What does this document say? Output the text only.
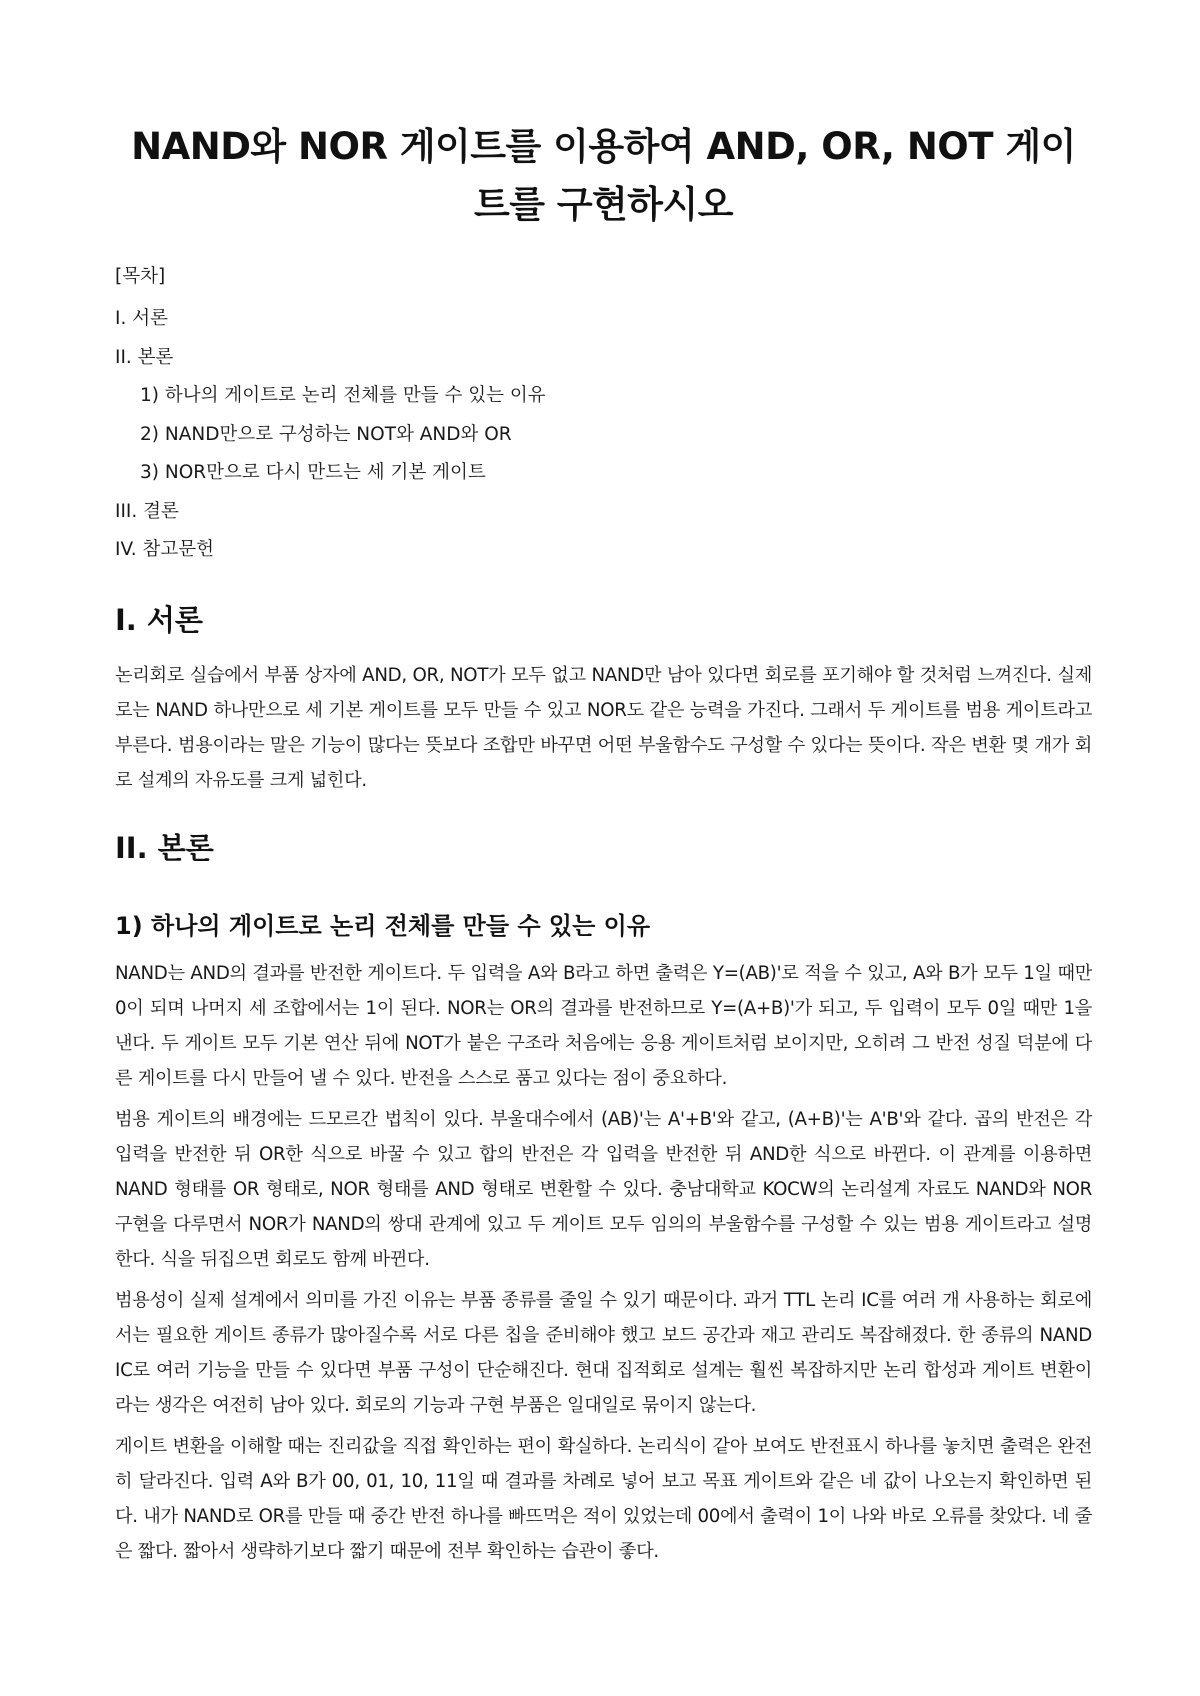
NAND와 NOR 게이트를 이용하여 AND, OR, NOT 게이트를 구현하시오
[목차]
I. 서론
II. 본론
1) 하나의 게이트로 논리 전체를 만들 수 있는 이유
2) NAND만으로 구성하는 NOT와 AND와 OR
3) NOR만으로 다시 만드는 세 기본 게이트
III. 결론
IV. 참고문헌
I. 서론

논리회로 실습에서 부품 상자에 AND, OR, NOT가 모두 없고 NAND만 남아 있다면 회로를 포기해야 할 것처럼 느껴진다. 실제로는 NAND 하나만으로 세 기본 게이트를 모두 만들 수 있고 NOR도 같은 능력을 가진다. 그래서 두 게이트를 범용 게이트라고 부른다. 범용이라는 말은 기능이 많다는 뜻보다 조합만 바꾸면 어떤 부울함수도 구성할 수 있다는 뜻이다. 작은 변환 몇 개가 회로 설계의 자유도를 크게 넓힌다.

II. 본론
1) 하나의 게이트로 논리 전체를 만들 수 있는 이유

NAND는 AND의 결과를 반전한 게이트다. 두 입력을 A와 B라고 하면 출력은 Y=(AB)'로 적을 수 있고, A와 B가 모두 1일 때만 0이 되며 나머지 세 조합에서는 1이 된다. NOR는 OR의 결과를 반전하므로 Y=(A+B)'가 되고, 두 입력이 모두 0일 때만 1을 낸다. 두 게이트 모두 기본 연산 뒤에 NOT가 붙은 구조라 처음에는 응용 게이트처럼 보이지만, 오히려 그 반전 성질 덕분에 다른 게이트를 다시 만들어 낼 수 있다. 반전을 스스로 품고 있다는 점이 중요하다.

범용 게이트의 배경에는 드모르간 법칙이 있다. 부울대수에서 (AB)'는 A'+B'와 같고, (A+B)'는 A'B'와 같다. 곱의 반전은 각 입력을 반전한 뒤 OR한 식으로 바꿀 수 있고 합의 반전은 각 입력을 반전한 뒤 AND한 식으로 바뀐다. 이 관계를 이용하면 NAND 형태를 OR 형태로, NOR 형태를 AND 형태로 변환할 수 있다. 충남대학교 KOCW의 논리설계 자료도 NAND와 NOR 구현을 다루면서 NOR가 NAND의 쌍대 관계에 있고 두 게이트 모두 임의의 부울함수를 구성할 수 있는 범용 게이트라고 설명한다. 식을 뒤집으면 회로도 함께 바뀐다.

범용성이 실제 설계에서 의미를 가진 이유는 부품 종류를 줄일 수 있기 때문이다. 과거 TTL 논리 IC를 여러 개 사용하는 회로에서는 필요한 게이트 종류가 많아질수록 서로 다른 칩을 준비해야 했고 보드 공간과 재고 관리도 복잡해졌다. 한 종류의 NAND IC로 여러 기능을 만들 수 있다면 부품 구성이 단순해진다. 현대 집적회로 설계는 훨씬 복잡하지만 논리 합성과 게이트 변환이라는 생각은 여전히 남아 있다. 회로의 기능과 구현 부품은 일대일로 묶이지 않는다.

게이트 변환을 이해할 때는 진리값을 직접 확인하는 편이 확실하다. 논리식이 같아 보여도 반전표시 하나를 놓치면 출력은 완전히 달라진다. 입력 A와 B가 00, 01, 10, 11일 때 결과를 차례로 넣어 보고 목표 게이트와 같은 네 값이 나오는지 확인하면 된다. 내가 NAND로 OR를 만들 때 중간 반전 하나를 빠뜨먹은 적이 있었는데 00에서 출력이 1이 나와 바로 오류를 찾았다. 네 줄은 짧다. 짧아서 생략하기보다 짧기 때문에 전부 확인하는 습관이 좋다.
